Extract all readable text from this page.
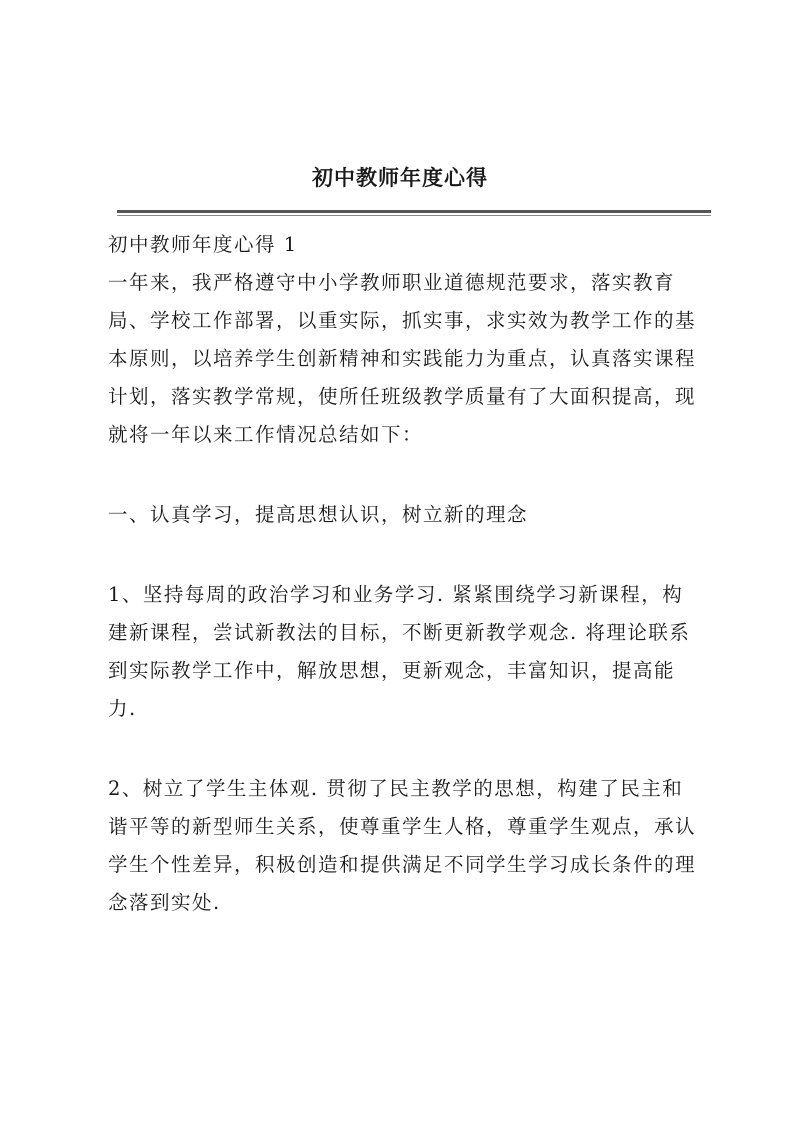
初中教师年度心得
初中教师年度心得 1
一年来，我严格遵守中小学教师职业道德规范要求，落实教育
局、学校工作部署，以重实际，抓实事，求实效为教学工作的基
本原则，以培养学生创新精神和实践能力为重点，认真落实课程
计划，落实教学常规，使所任班级教学质量有了大面积提高，现
就将一年以来工作情况总结如下：
一、认真学习，提高思想认识，树立新的理念
1、坚持每周的政治学习和业务学习. 紧紧围绕学习新课程，构
建新课程，尝试新教法的目标，不断更新教学观念. 将理论联系
到实际教学工作中，解放思想，更新观念，丰富知识，提高能
力.
2、树立了学生主体观. 贯彻了民主教学的思想，构建了民主和
谐平等的新型师生关系，使尊重学生人格，尊重学生观点，承认
学生个性差异，积极创造和提供满足不同学生学习成长条件的理
念落到实处.
